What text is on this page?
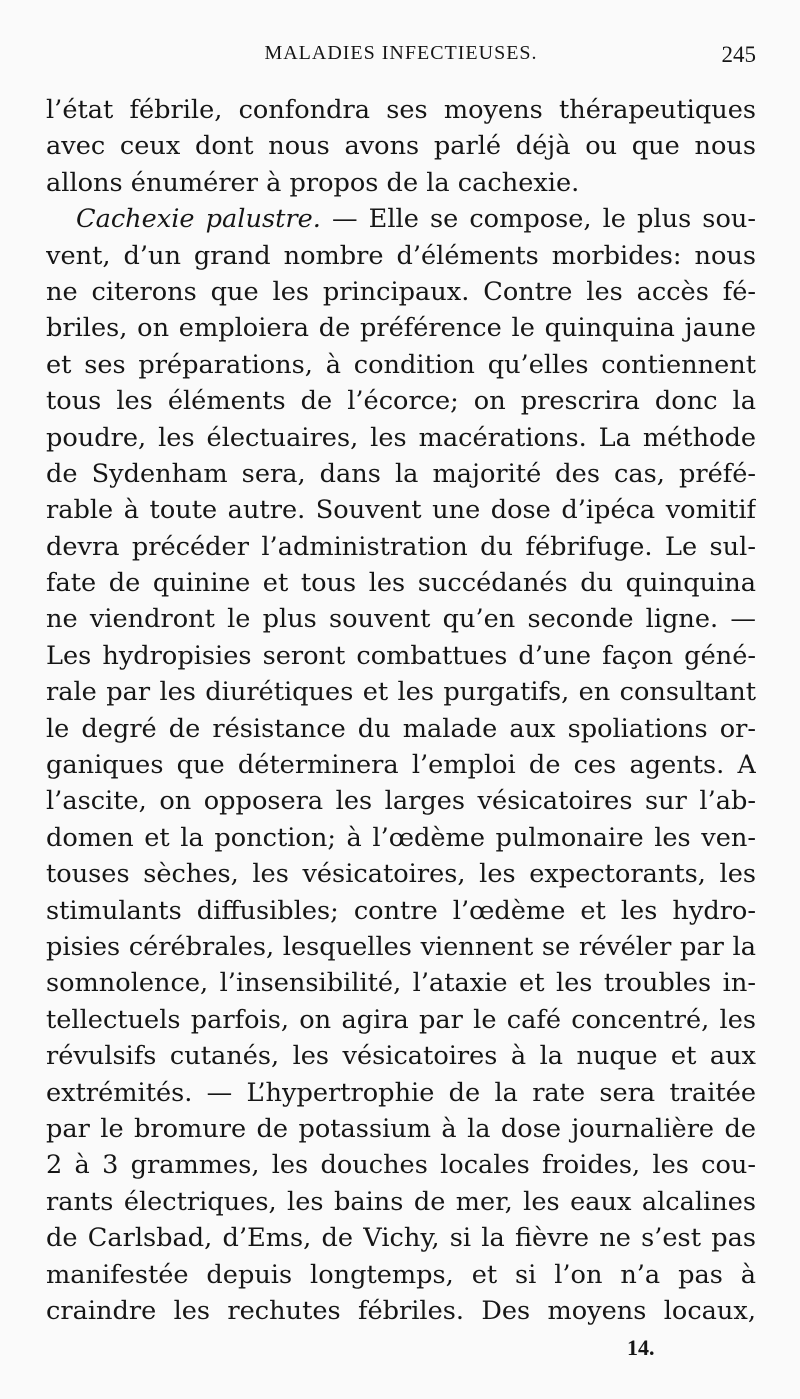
MALADIES INFECTIEUSES.	245
l’état fébrile, confondra ses moyens thérapeutiques
avec ceux dont nous avons parlé déjà ou que nous
allons énumérer à propos de la cachexie.
Cachexie palustre. — Elle se compose, le plus sou-
vent, d’un grand nombre d’éléments morbides: nous
ne citerons que les principaux. Contre les accès fé-
briles, on emploiera de préférence le quinquina jaune
et ses préparations, à condition qu’elles contiennent
tous les éléments de l’écorce; on prescrira donc la
poudre, les électuaires, les macérations. La méthode
de Sydenham sera, dans la majorité des cas, préfé-
rable à toute autre. Souvent une dose d’ipéca vomitif
devra précéder l’administration du fébrifuge. Le sul-
fate de quinine et tous les succédanés du quinquina
ne viendront le plus souvent qu’en seconde ligne. —
Les hydropisies seront combattues d’une façon géné-
rale par les diurétiques et les purgatifs, en consultant
le degré de résistance du malade aux spoliations or-
ganiques que déterminera l’emploi de ces agents. A
l’ascite, on opposera les larges vésicatoires sur l’ab-
domen et la ponction; à l’œdème pulmonaire les ven-
touses sèches, les vésicatoires, les expectorants, les
stimulants diffusibles; contre l’œdème et les hydro-
pisies cérébrales, lesquelles viennent se révéler par la
somnolence, l’insensibilité, l’ataxie et les troubles in-
tellectuels parfois, on agira par le café concentré, les
révulsifs cutanés, les vésicatoires à la nuque et aux
extrémités. — L’hypertrophie de la rate sera traitée
par le bromure de potassium à la dose journalière de
2 à 3 grammes, les douches locales froides, les cou-
rants électriques, les bains de mer, les eaux alcalines
de Carlsbad, d’Ems, de Vichy, si la fièvre ne s’est pas
manifestée depuis longtemps, et si l’on n’a pas à
craindre les rechutes fébriles. Des moyens locaux,
14.
